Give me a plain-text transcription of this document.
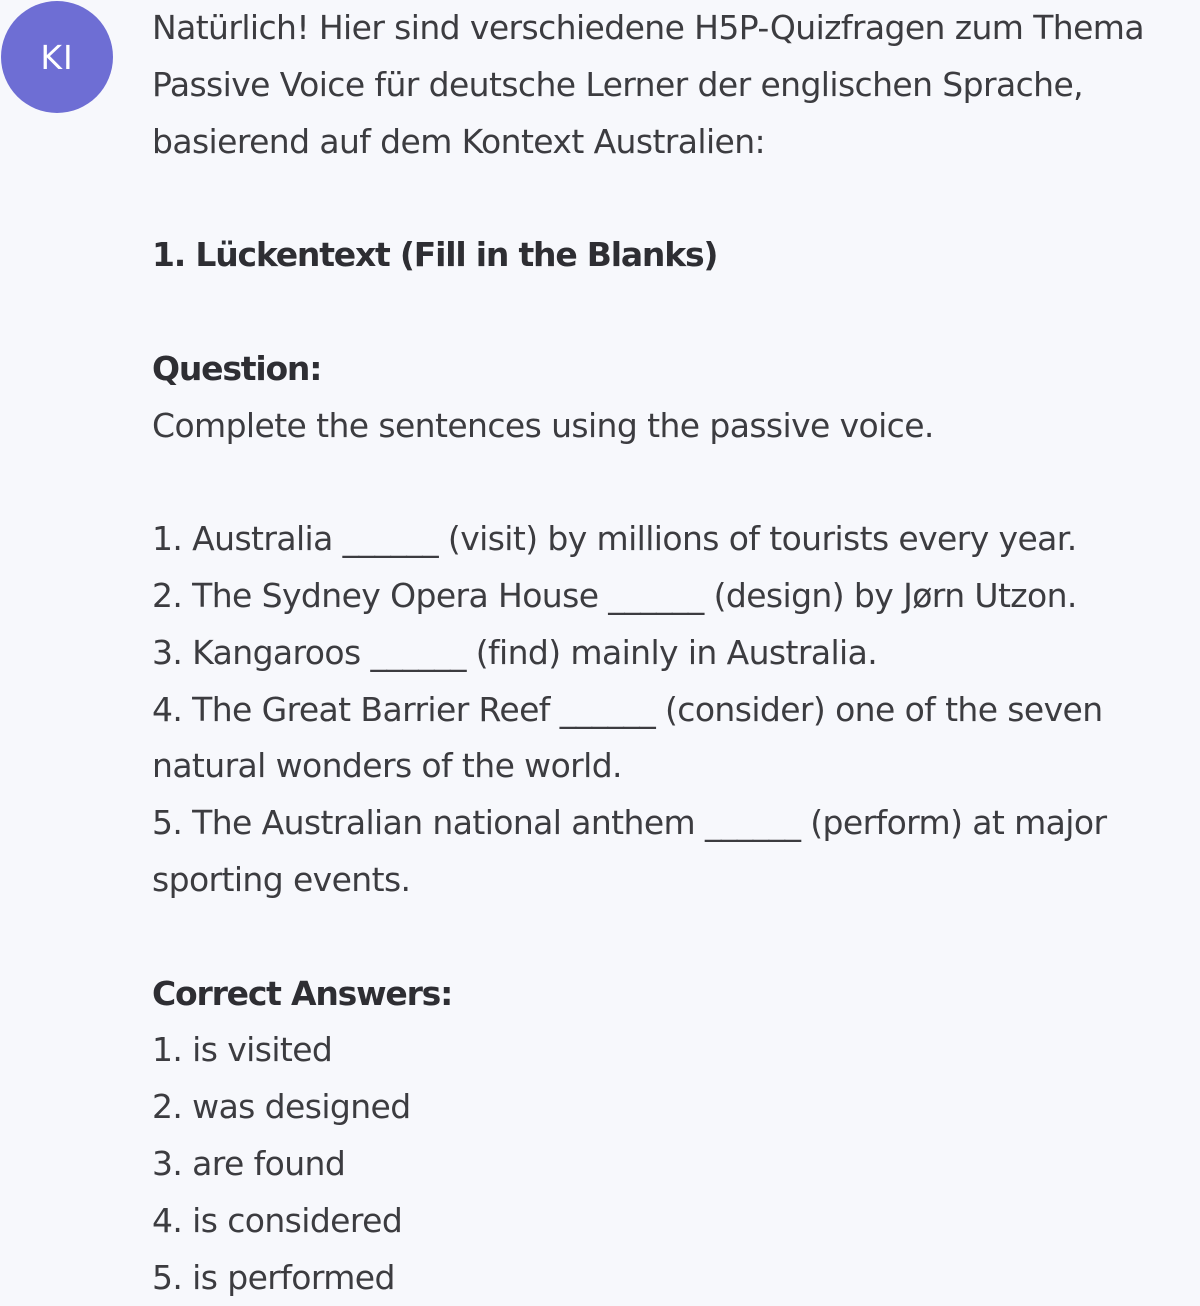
KI
Natürlich! Hier sind verschiedene H5P-Quizfragen zum Thema
Passive Voice für deutsche Lerner der englischen Sprache,
basierend auf dem Kontext Australien:
1. Lückentext (Fill in the Blanks)
Question:
Complete the sentences using the passive voice.
1. Australia ______ (visit) by millions of tourists every year.
2. The Sydney Opera House ______ (design) by Jørn Utzon.
3. Kangaroos ______ (find) mainly in Australia.
4. The Great Barrier Reef ______ (consider) one of the seven
natural wonders of the world.
5. The Australian national anthem ______ (perform) at major
sporting events.
Correct Answers:
1. is visited
2. was designed
3. are found
4. is considered
5. is performed
